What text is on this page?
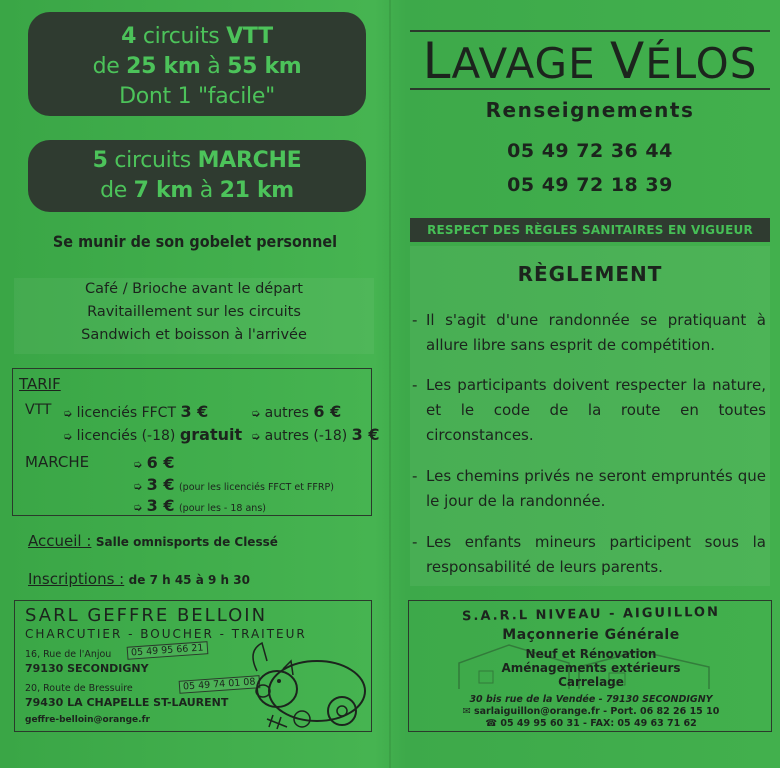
4 circuits VTT
de 25 km à 55 km
Dont 1 "facile"
5 circuits MARCHE
de 7 km à 21 km
Se munir de son gobelet personnel
Café / Brioche avant le départ
Ravitaillement sur les circuits
Sandwich et boisson à l'arrivée
TARIF
VTT ➭ licenciés FFCT 3 €	➭ autres 6 €
➭ licenciés (-18) gratuit ➭ autres (-18) 3 €
MARCHE	➭ 6 €
➭ 3 € (pour les licenciés FFCT et FFRP)
➭ 3 € (pour les - 18 ans)
Accueil : Salle omnisports de Clessé
Inscriptions : de 7 h 45 à 9 h 30
SARL GEFFRE BELLOIN
CHARCUTIER - BOUCHER - TRAITEUR
16, Rue de l'Anjou	05 49 95 66 21
79130 SECONDIGNY
20, Route de Bressuire	05 49 74 01 08
79430 LA CHAPELLE ST-LAURENT
geffre-belloin@orange.fr
LAVAGE VÉLOS
Renseignements
05 49 72 36 44
05 49 72 18 39
RESPECT DES RÈGLES SANITAIRES EN VIGUEUR
RÈGLEMENT
- Il s'agit d'une randonnée se pratiquant à allure libre sans esprit de compétition.
- Les participants doivent respecter la nature, et le code de la route en toutes circonstances.
- Les chemins privés ne seront empruntés que le jour de la randonnée.
- Les enfants mineurs participent sous la responsabilité de leurs parents.
S.A.R.L NIVEAU - AIGUILLON
Maçonnerie Générale
Neuf et Rénovation
Aménagements extérieurs
Carrelage
30 bis rue de la Vendée - 79130 SECONDIGNY
✉ sarlaiguillon@orange.fr - Port. 06 82 26 15 10
☎ 05 49 95 60 31 - FAX: 05 49 63 71 62
